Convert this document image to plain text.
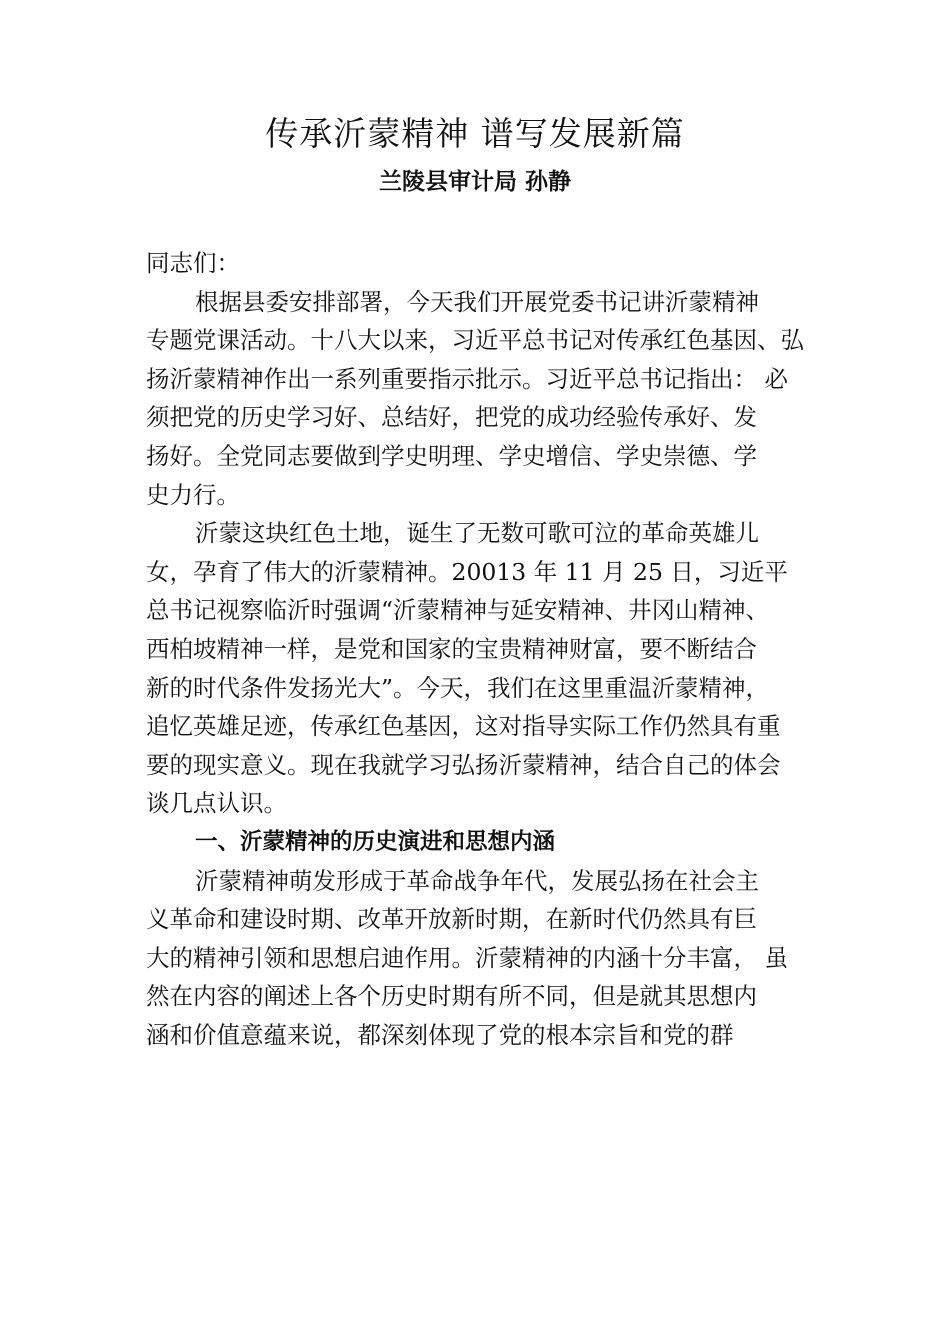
传承沂蒙精神 谱写发展新篇
兰陵县审计局 孙静

同志们：

根据县委安排部署，今天我们开展党委书记讲沂蒙精神
专题党课活动。十八大以来，习近平总书记对传承红色基因、弘
扬沂蒙精神作出一系列重要指示批示。习近平总书记指出： 必
须把党的历史学习好、总结好，把党的成功经验传承好、发
扬好。全党同志要做到学史明理、学史增信、学史崇德、学
史力行。

沂蒙这块红色土地，诞生了无数可歌可泣的革命英雄儿
女，孕育了伟大的沂蒙精神。20013 年 11 月 25 日，习近平
总书记视察临沂时强调“沂蒙精神与延安精神、井冈山精神、
西柏坡精神一样，是党和国家的宝贵精神财富，要不断结合
新的时代条件发扬光大”。今天，我们在这里重温沂蒙精神，
追忆英雄足迹，传承红色基因，这对指导实际工作仍然具有重
要的现实意义。现在我就学习弘扬沂蒙精神，结合自己的体会
谈几点认识。

一、沂蒙精神的历史演进和思想内涵

沂蒙精神萌发形成于革命战争年代，发展弘扬在社会主
义革命和建设时期、改革开放新时期，在新时代仍然具有巨
大的精神引领和思想启迪作用。沂蒙精神的内涵十分丰富， 虽
然在内容的阐述上各个历史时期有所不同，但是就其思想内
涵和价值意蕴来说，都深刻体现了党的根本宗旨和党的群
